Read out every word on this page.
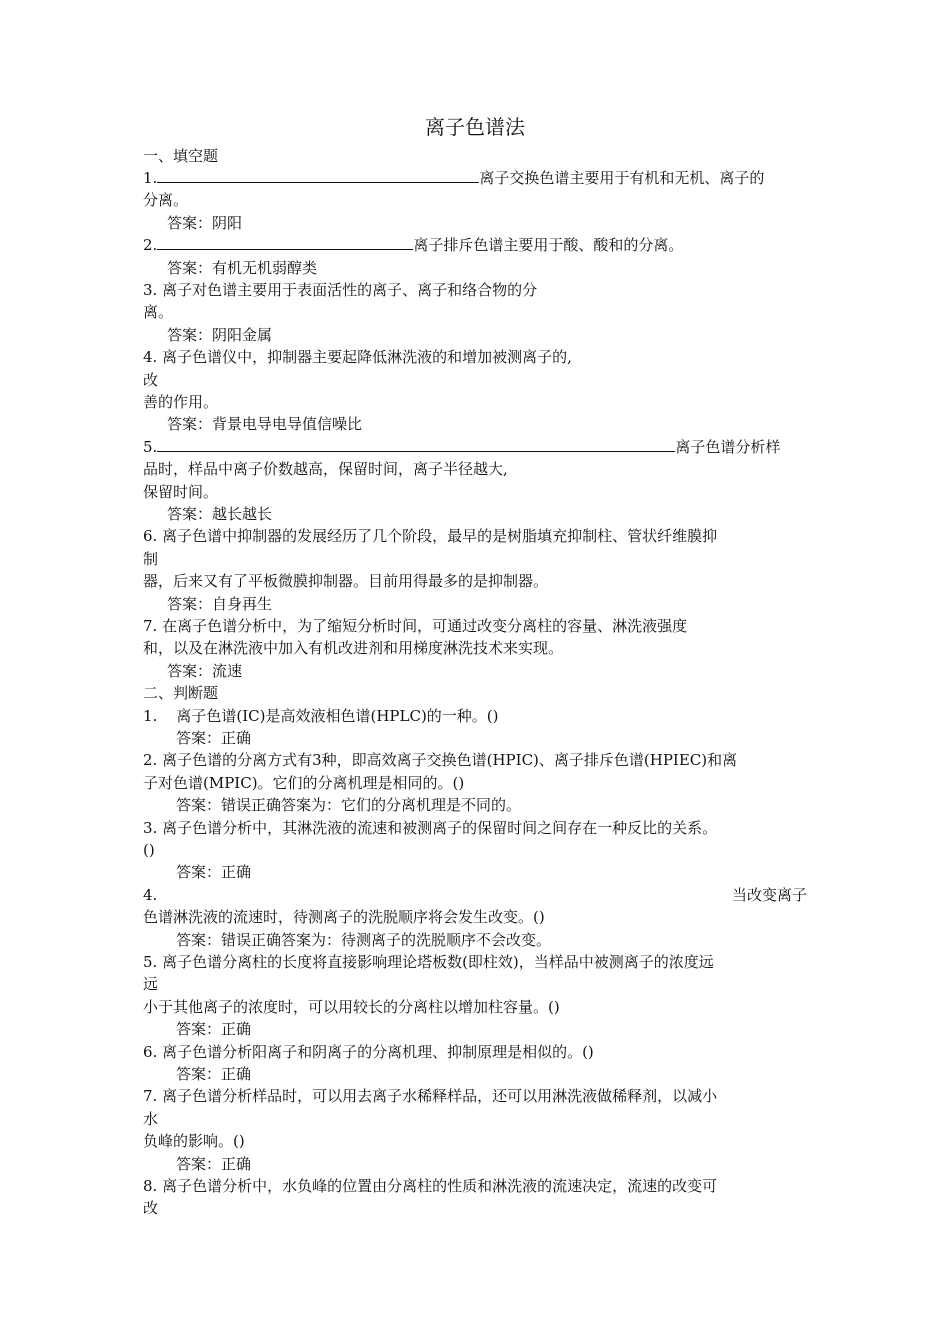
离子色谱法
一、填空题
1.	离子交换色谱主要用于有机和无机、离子的
分离。
答案：阴阳
2.	离子排斥色谱主要用于酸、酸和的分离。
答案：有机无机弱醇类
3. 离子对色谱主要用于表面活性的离子、离子和络合物的分
离。
答案：阴阳金属
4. 离子色谱仪中，抑制器主要起降低淋洗液的和增加被测离子的,
改
善的作用。
答案：背景电导电导值信噪比
5.	离子色谱分析样
品时，样品中离子价数越高，保留时间，离子半径越大,
保留时间。
答案：越长越长
6. 离子色谱中抑制器的发展经历了几个阶段，最早的是树脂填充抑制柱、管状纤维膜抑
制
器，后来又有了平板微膜抑制器。目前用得最多的是抑制器。
答案：自身再生
7. 在离子色谱分析中，为了缩短分析时间，可通过改变分离柱的容量、淋洗液强度
和，以及在淋洗液中加入有机改进剂和用梯度淋洗技术来实现。
答案：流速
二、判断题
1.    离子色谱(IC)是高效液相色谱(HPLC)的一种。()
答案：正确
2. 离子色谱的分离方式有3种，即高效离子交换色谱(HPIC)、离子排斥色谱(HPIEC)和离
子对色谱(MPIC)。它们的分离机理是相同的。()
答案：错误正确答案为：它们的分离机理是不同的。
3. 离子色谱分析中，其淋洗液的流速和被测离子的保留时间之间存在一种反比的关系。
()
答案：正确
4.	当改变离子
色谱淋洗液的流速时，待测离子的洗脱顺序将会发生改变。()
答案：错误正确答案为：待测离子的洗脱顺序不会改变。
5. 离子色谱分离柱的长度将直接影响理论塔板数(即柱效)，当样品中被测离子的浓度远
远
小于其他离子的浓度时，可以用较长的分离柱以增加柱容量。()
答案：正确
6. 离子色谱分析阳离子和阴离子的分离机理、抑制原理是相似的。()
答案：正确
7. 离子色谱分析样品时，可以用去离子水稀释样品，还可以用淋洗液做稀释剂，以减小
水
负峰的影响。()
答案：正确
8. 离子色谱分析中，水负峰的位置由分离柱的性质和淋洗液的流速决定，流速的改变可
改
